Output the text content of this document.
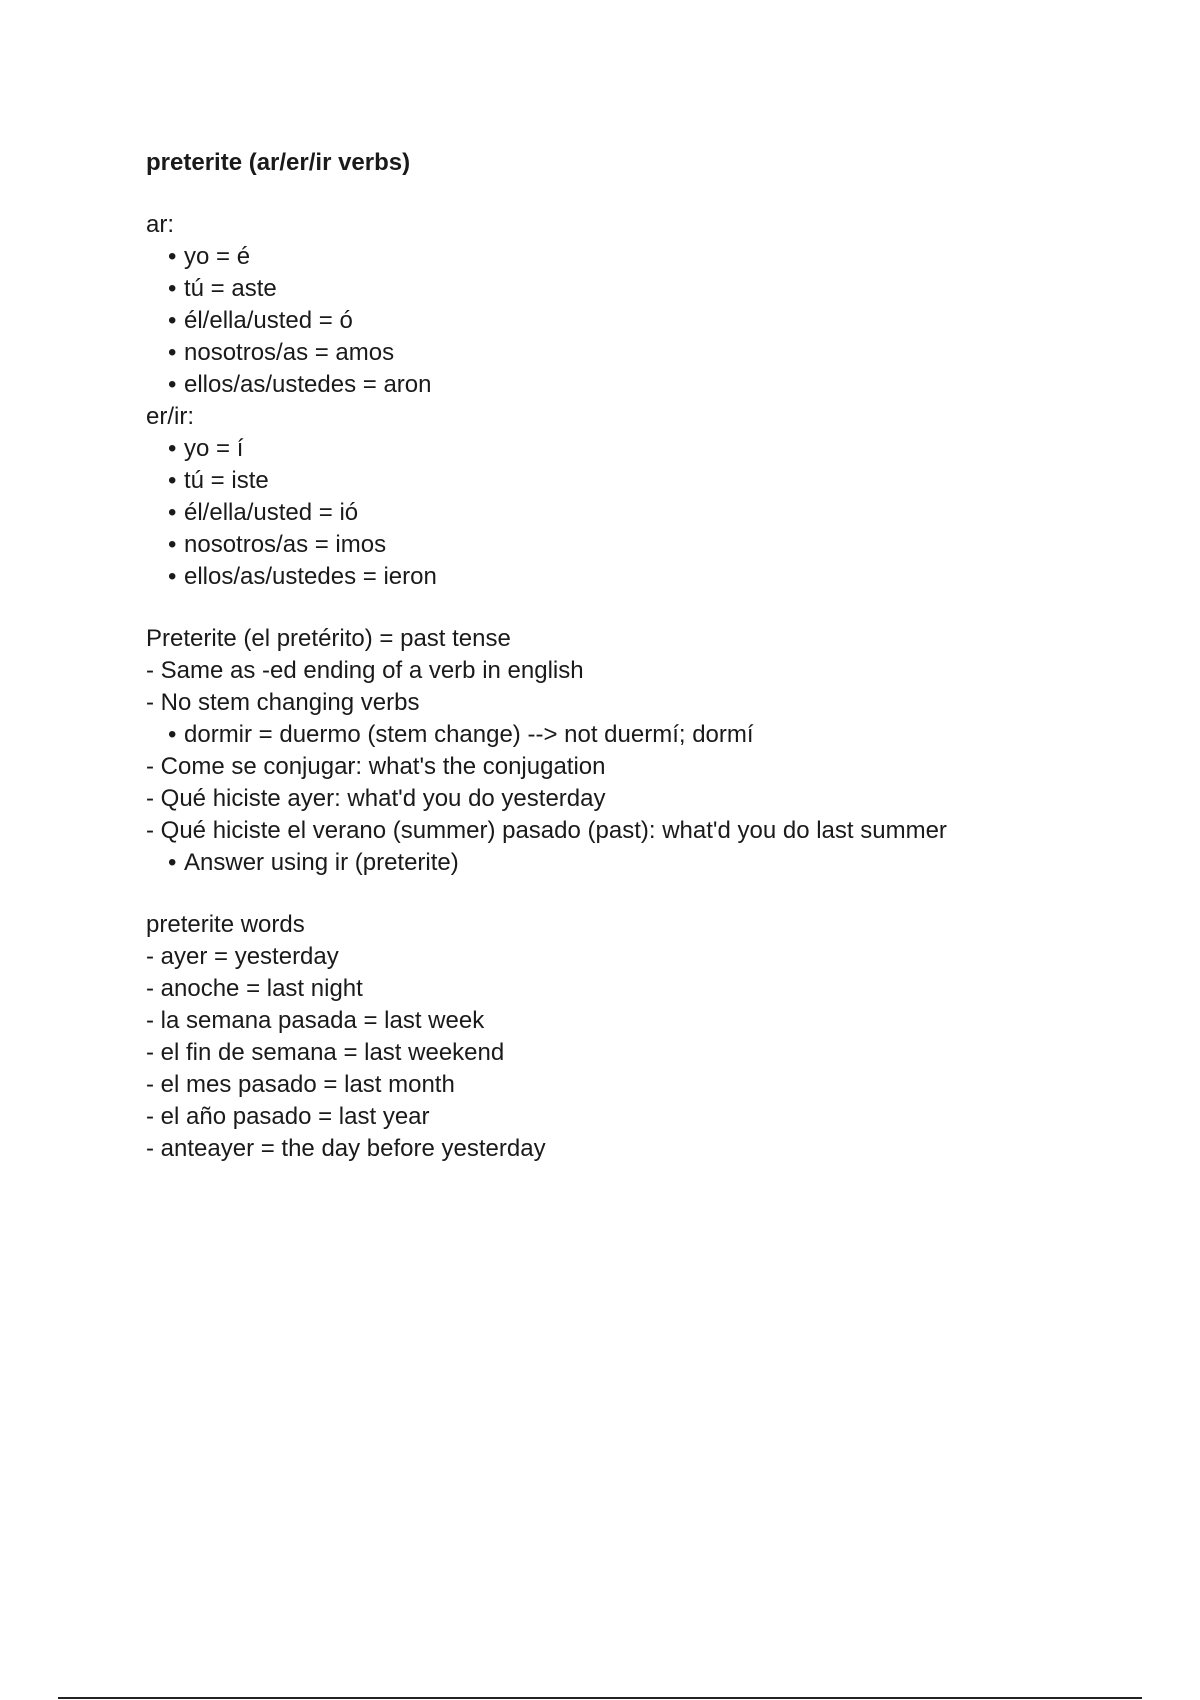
preterite (ar/er/ir verbs)
ar:
• yo = é
• tú = aste
• él/ella/usted = ó
• nosotros/as = amos
• ellos/as/ustedes = aron
er/ir:
• yo = í
• tú = iste
• él/ella/usted = ió
• nosotros/as = imos
• ellos/as/ustedes = ieron
Preterite (el pretérito) = past tense
- Same as -ed ending of a verb in english
- No stem changing verbs
• dormir = duermo (stem change) --> not duermí; dormí
- Come se conjugar: what's the conjugation
- Qué hiciste ayer: what'd you do yesterday
- Qué hiciste el verano (summer) pasado (past): what'd you do last summer
• Answer using ir (preterite)
preterite words
- ayer = yesterday
- anoche = last night
- la semana pasada = last week
- el fin de semana = last weekend
- el mes pasado = last month
- el año pasado = last year
- anteayer = the day before yesterday
